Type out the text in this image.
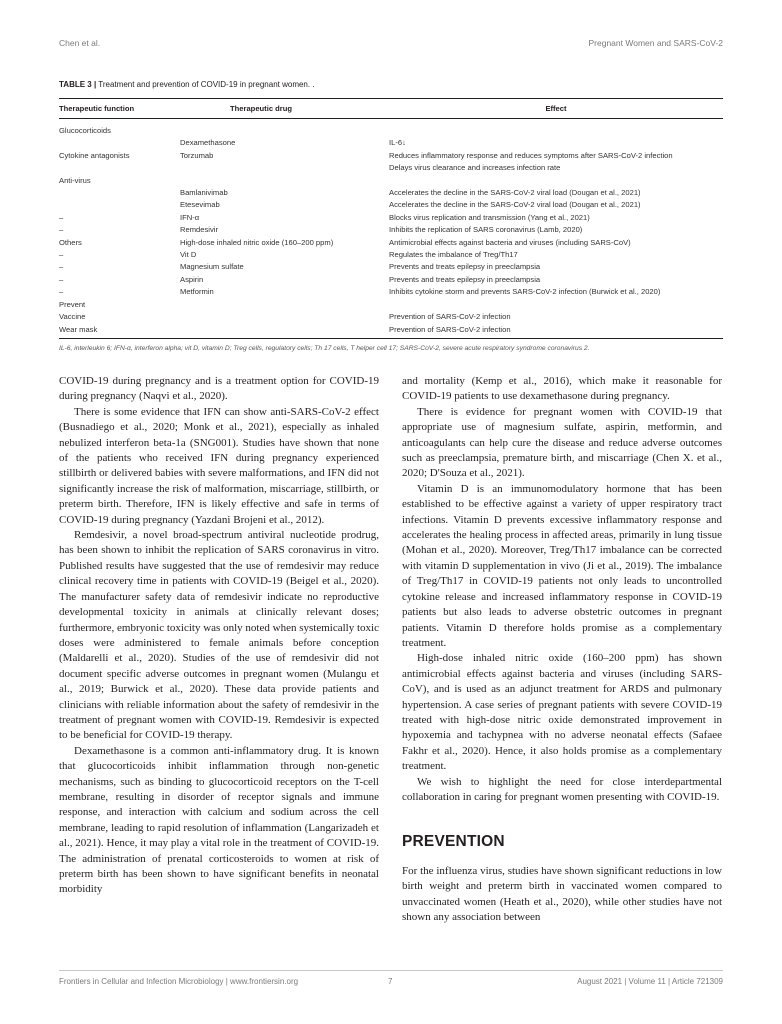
Chen et al.	Pregnant Women and SARS-CoV-2
TABLE 3 | Treatment and prevention of COVID-19 in pregnant women. .
Therapeutic function	Therapeutic drug	Effect
Glucocorticoids		
	Dexamethasone	IL-6↓
Cytokine antagonists	Torzumab	Reduces inflammatory response and reduces symptoms after SARS-CoV-2 infection
		Delays virus clearance and increases infection rate
Anti-virus		
	Bamlanivimab	Accelerates the decline in the SARS-CoV-2 viral load (Dougan et al., 2021)
	Etesevimab	Accelerates the decline in the SARS-CoV-2 viral load (Dougan et al., 2021)
–	IFN-α	Blocks virus replication and transmission (Yang et al., 2021)
–	Remdesivir	Inhibits the replication of SARS coronavirus (Lamb, 2020)
Others	High-dose inhaled nitric oxide (160–200 ppm)	Antimicrobial effects against bacteria and viruses (including SARS-CoV)
–	Vit D	Regulates the imbalance of Treg/Th17
–	Magnesium sulfate	Prevents and treats epilepsy in preeclampsia
–	Aspirin	Prevents and treats epilepsy in preeclampsia
–	Metformin	Inhibits cytokine storm and prevents SARS-CoV-2 infection (Burwick et al., 2020)
Prevent		
Vaccine		Prevention of SARS-CoV-2 infection
Wear mask		Prevention of SARS-CoV-2 infection
IL-6, interleukin 6; IFN-α, interferon alpha; vit D, vitamin D; Treg cells, regulatory cells; Th 17 cells, T helper cell 17; SARS-CoV-2, severe acute respiratory syndrome coronavirus 2.

COVID-19 during pregnancy and is a treatment option for COVID-19 during pregnancy (Naqvi et al., 2020).

There is some evidence that IFN can show anti-SARS-CoV-2 effect (Busnadiego et al., 2020; Monk et al., 2021), especially as inhaled nebulized interferon beta-1a (SNG001). Studies have shown that none of the patients who received IFN during pregnancy experienced stillbirth or delivered babies with severe malformations, and IFN did not significantly increase the risk of malformation, miscarriage, stillbirth, or preterm birth. Therefore, IFN is likely effective and safe in terms of COVID-19 during pregnancy (Yazdani Brojeni et al., 2012).

Remdesivir, a novel broad-spectrum antiviral nucleotide prodrug, has been shown to inhibit the replication of SARS coronavirus in vitro. Published results have suggested that the use of remdesivir may reduce clinical recovery time in patients with COVID-19 (Beigel et al., 2020). The manufacturer safety data of remdesivir indicate no reproductive developmental toxicity in animals at clinically relevant doses; furthermore, embryonic toxicity was only noted when systemically toxic doses were administered to female animals before conception (Maldarelli et al., 2020). Studies of the use of remdesivir did not document specific adverse outcomes in pregnant women (Mulangu et al., 2019; Burwick et al., 2020). These data provide patients and clinicians with reliable information about the safety of remdesivir in the treatment of pregnant women with COVID-19. Remdesivir is expected to be beneficial for COVID-19 therapy.

Dexamethasone is a common anti-inflammatory drug. It is known that glucocorticoids inhibit inflammation through non-genetic mechanisms, such as binding to glucocorticoid receptors on the T-cell membrane, resulting in disorder of receptor signals and immune response, and interaction with calcium and sodium across the cell membrane, leading to rapid resolution of inflammation (Langarizadeh et al., 2021). Hence, it may play a vital role in the treatment of COVID-19. The administration of prenatal corticosteroids to women at risk of preterm birth has been shown to have significant benefits in neonatal morbidity

and mortality (Kemp et al., 2016), which make it reasonable for COVID-19 patients to use dexamethasone during pregnancy.

There is evidence for pregnant women with COVID-19 that appropriate use of magnesium sulfate, aspirin, metformin, and anticoagulants can help cure the disease and reduce adverse outcomes such as preeclampsia, premature birth, and miscarriage (Chen X. et al., 2020; D'Souza et al., 2021).

Vitamin D is an immunomodulatory hormone that has been established to be effective against a variety of upper respiratory tract infections. Vitamin D prevents excessive inflammatory response and accelerates the healing process in affected areas, primarily in lung tissue (Mohan et al., 2020). Moreover, Treg/Th17 imbalance can be corrected with vitamin D supplementation in vivo (Ji et al., 2019). The imbalance of Treg/Th17 in COVID-19 patients not only leads to uncontrolled cytokine release and increased inflammatory response in COVID-19 patients but also leads to adverse obstetric outcomes in pregnant patients. Vitamin D therefore holds promise as a complementary treatment.

High-dose inhaled nitric oxide (160–200 ppm) has shown antimicrobial effects against bacteria and viruses (including SARS-CoV), and is used as an adjunct treatment for ARDS and pulmonary hypertension. A case series of pregnant patients with severe COVID-19 treated with high-dose nitric oxide demonstrated improvement in hypoxemia and tachypnea with no adverse neonatal effects (Safaee Fakhr et al., 2020). Hence, it also holds promise as a complementary treatment.

We wish to highlight the need for close interdepartmental collaboration in caring for pregnant women presenting with COVID-19.

PREVENTION

For the influenza virus, studies have shown significant reductions in low birth weight and preterm birth in vaccinated women compared to unvaccinated women (Heath et al., 2020), while other studies have not shown any association between

Frontiers in Cellular and Infection Microbiology | www.frontiersin.org	7	August 2021 | Volume 11 | Article 721309
